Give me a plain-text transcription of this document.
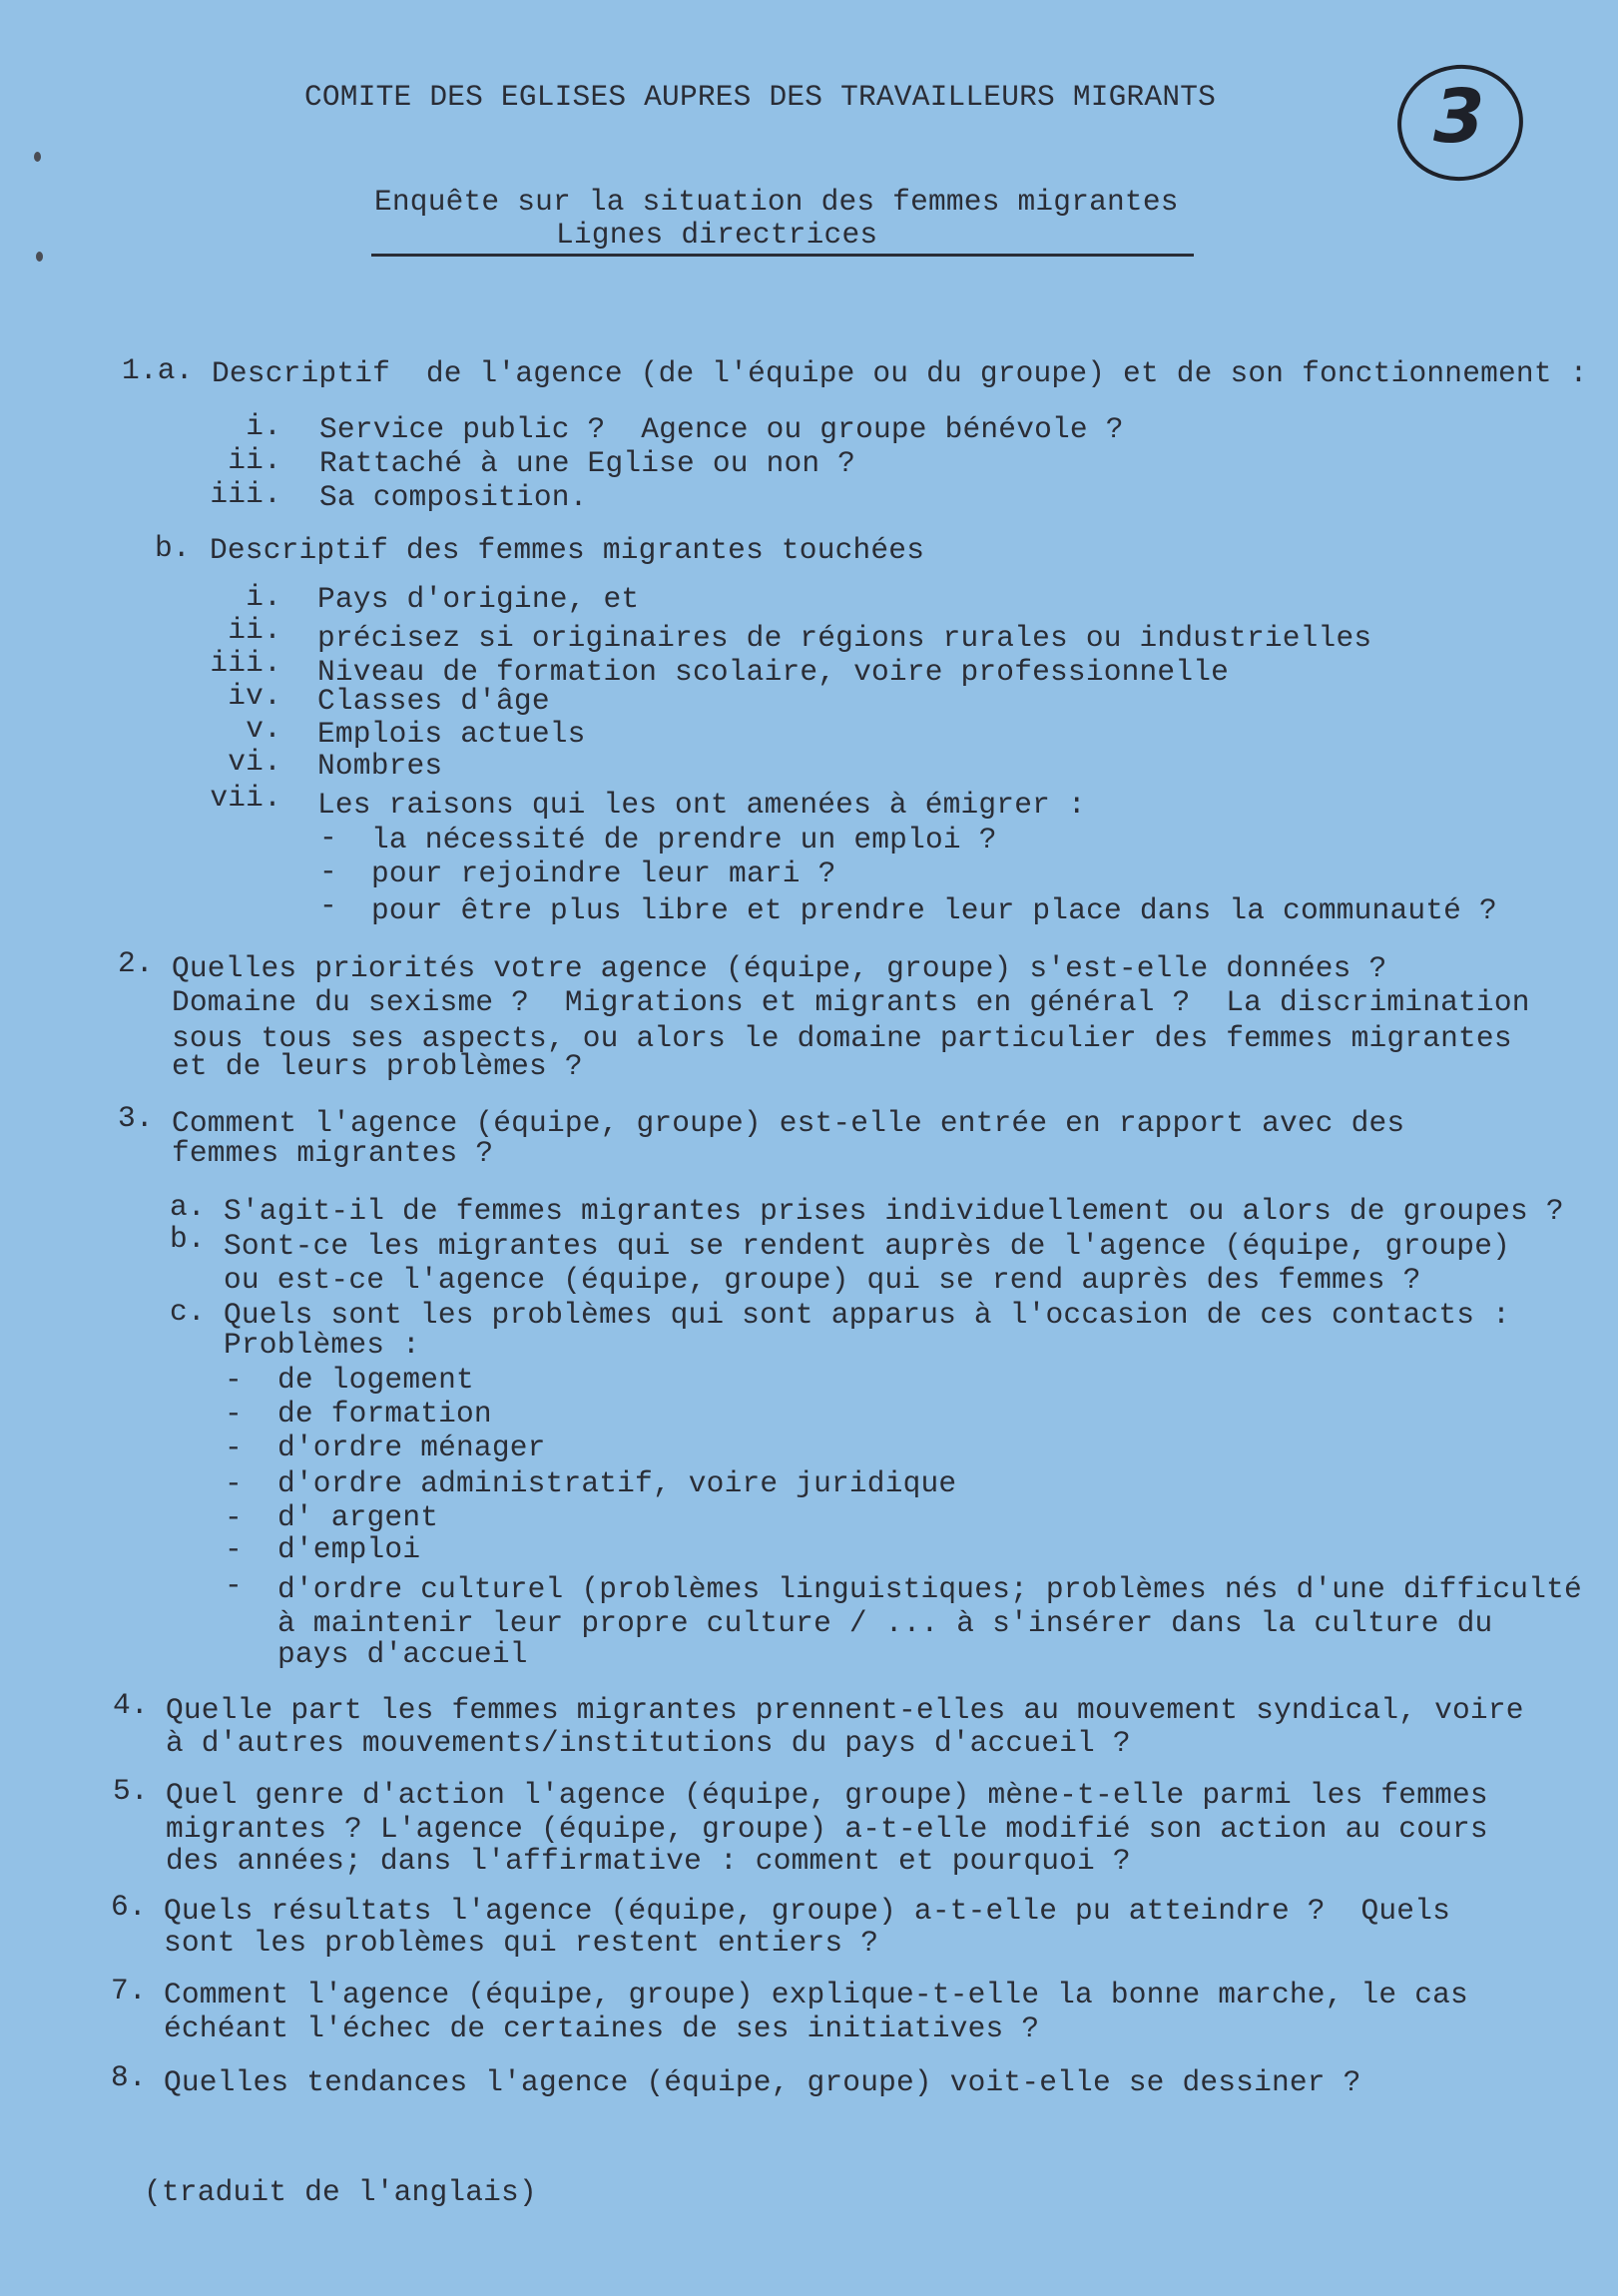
COMITE DES EGLISES AUPRES DES TRAVAILLEURS MIGRANTS	3
Enquête sur la situation des femmes migrantes
Lignes directrices
1.a. Descriptif  de l'agence (de l'équipe ou du groupe) et de son fonctionnement :
i. Service public ?  Agence ou groupe bénévole ?
ii. Rattaché à une Eglise ou non ?
iii. Sa composition.
b. Descriptif des femmes migrantes touchées
i. Pays d'origine, et
ii. précisez si originaires de régions rurales ou industrielles
iii. Niveau de formation scolaire, voire professionnelle
iv. Classes d'âge
v. Emplois actuels
vi. Nombres
vii. Les raisons qui les ont amenées à émigrer :
- la nécessité de prendre un emploi ?
- pour rejoindre leur mari ?
- pour être plus libre et prendre leur place dans la communauté ?
2. Quelles priorités votre agence (équipe, groupe) s'est-elle données ?
Domaine du sexisme ?  Migrations et migrants en général ?  La discrimination
sous tous ses aspects, ou alors le domaine particulier des femmes migrantes
et de leurs problèmes ?
3. Comment l'agence (équipe, groupe) est-elle entrée en rapport avec des
femmes migrantes ?
a. S'agit-il de femmes migrantes prises individuellement ou alors de groupes ?
b. Sont-ce les migrantes qui se rendent auprès de l'agence (équipe, groupe)
ou est-ce l'agence (équipe, groupe) qui se rend auprès des femmes ?
c. Quels sont les problèmes qui sont apparus à l'occasion de ces contacts :
Problèmes :
- de logement
- de formation
- d'ordre ménager
- d'ordre administratif, voire juridique
- d' argent
- d'emploi
- d'ordre culturel (problèmes linguistiques; problèmes nés d'une difficulté
à maintenir leur propre culture / ... à s'insérer dans la culture du
pays d'accueil
4. Quelle part les femmes migrantes prennent-elles au mouvement syndical, voire
à d'autres mouvements/institutions du pays d'accueil ?
5. Quel genre d'action l'agence (équipe, groupe) mène-t-elle parmi les femmes
migrantes ? L'agence (équipe, groupe) a-t-elle modifié son action au cours
des années; dans l'affirmative : comment et pourquoi ?
6. Quels résultats l'agence (équipe, groupe) a-t-elle pu atteindre ?  Quels
sont les problèmes qui restent entiers ?
7. Comment l'agence (équipe, groupe) explique-t-elle la bonne marche, le cas
échéant l'échec de certaines de ses initiatives ?
8. Quelles tendances l'agence (équipe, groupe) voit-elle se dessiner ?
(traduit de l'anglais)
